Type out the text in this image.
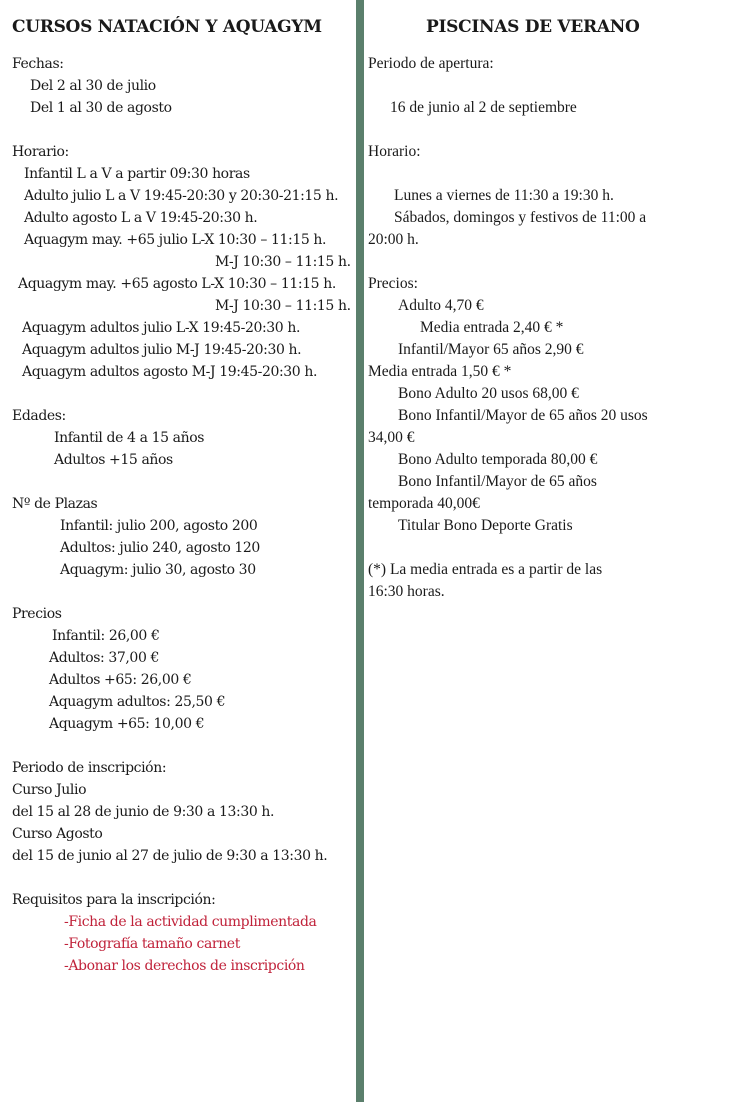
CURSOS NATACIÓN Y AQUAGYM
Fechas:
Del 2 al 30 de julio
Del 1 al 30 de agosto
Horario:
Infantil L a V a partir 09:30 horas
Adulto julio L a V 19:45-20:30 y 20:30-21:15 h.
Adulto agosto L a V 19:45-20:30 h.
Aquagym may. +65 julio L-X 10:30 – 11:15 h.
M-J 10:30 – 11:15 h.
Aquagym may. +65 agosto L-X 10:30 – 11:15 h.
M-J 10:30 – 11:15 h.
Aquagym adultos julio L-X 19:45-20:30 h.
Aquagym adultos julio M-J 19:45-20:30 h.
Aquagym adultos agosto M-J 19:45-20:30 h.
Edades:
Infantil de 4 a 15 años
Adultos +15 años
Nº de Plazas
Infantil: julio 200, agosto 200
Adultos: julio 240, agosto 120
Aquagym: julio 30, agosto 30
Precios
Infantil: 26,00 €
Adultos: 37,00 €
Adultos +65: 26,00 €
Aquagym adultos: 25,50 €
Aquagym +65: 10,00 €
Periodo de inscripción:
Curso Julio
del 15 al 28 de junio de 9:30 a 13:30 h.
Curso Agosto
del 15 de junio al 27 de julio de 9:30 a 13:30 h.
Requisitos para la inscripción:
-Ficha de la actividad cumplimentada
-Fotografía tamaño carnet
-Abonar los derechos de inscripción
PISCINAS DE VERANO
Periodo de apertura:
16 de junio al 2 de septiembre
Horario:
Lunes a viernes de 11:30 a 19:30 h.
Sábados, domingos y festivos de 11:00 a
20:00 h.
Precios:
Adulto 4,70 €
Media entrada 2,40 € *
Infantil/Mayor 65 años 2,90 €
Media entrada 1,50 € *
Bono Adulto 20 usos 68,00 €
Bono Infantil/Mayor de 65 años 20 usos
34,00 €
Bono Adulto temporada 80,00 €
Bono Infantil/Mayor de 65 años
temporada 40,00€
Titular Bono Deporte Gratis
(*) La media entrada es a partir de las
16:30 horas.
